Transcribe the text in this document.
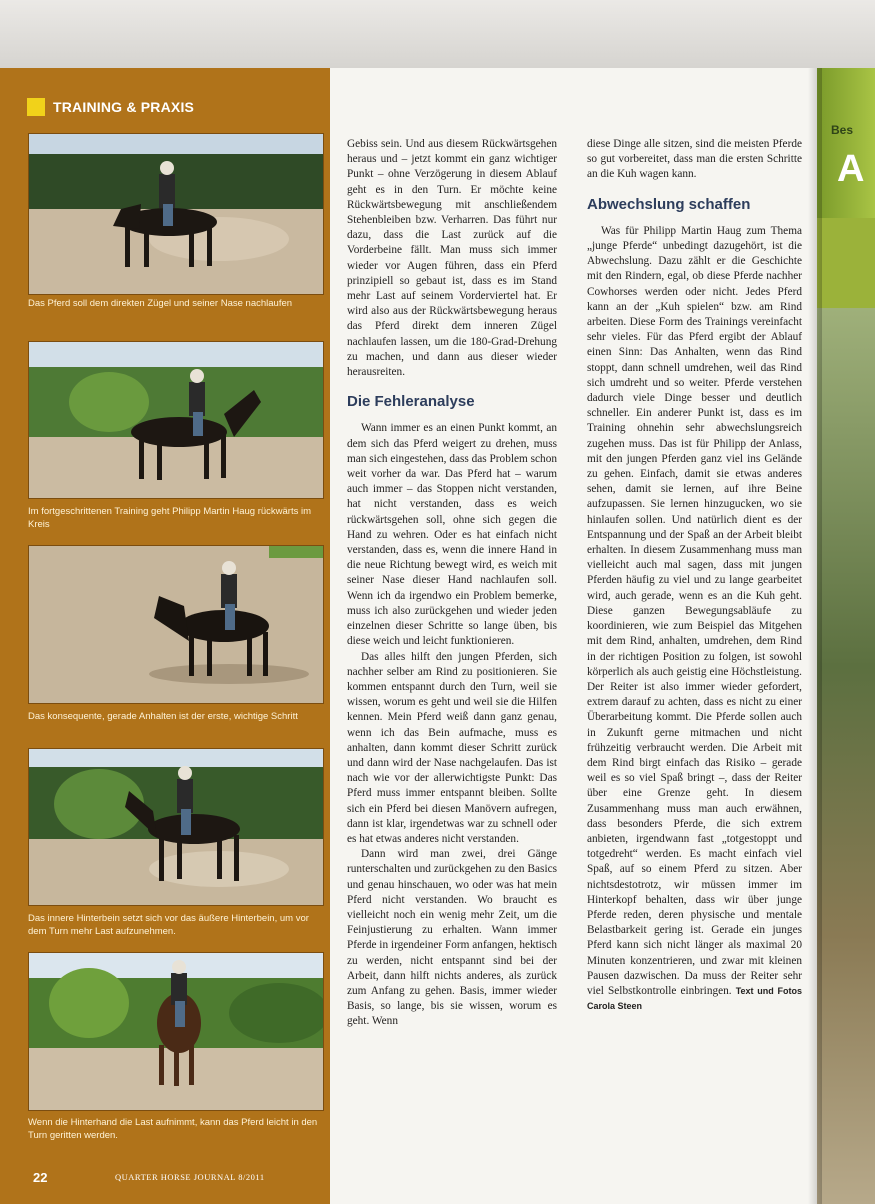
TRAINING & PRAXIS
Das Pferd soll dem direkten Zügel und seiner Nase nachlaufen
Im fortgeschrittenen Training geht Philipp Martin Haug rückwärts im Kreis
Das konsequente, gerade Anhalten ist der erste, wichtige Schritt
Das innere Hinterbein setzt sich vor das äußere Hinterbein, um vor dem Turn mehr Last aufzunehmen.
Wenn die Hinterhand die Last aufnimmt, kann das Pferd leicht in den Turn geritten werden.
22	QUARTER HORSE JOURNAL 8/2011

Gebiss sein. Und aus diesem Rückwärtsgehen heraus und – jetzt kommt ein ganz wichtiger Punkt – ohne Verzögerung in diesem Ablauf geht es in den Turn. Er möchte keine Rückwärtsbewegung mit anschließendem Stehenbleiben bzw. Verharren. Das führt nur dazu, dass die Last zurück auf die Vorderbeine fällt. Man muss sich immer wieder vor Augen führen, dass ein Pferd prinzipiell so gebaut ist, dass es im Stand mehr Last auf seinem Vorderviertel hat. Er wird also aus der Rückwärtsbewegung heraus das Pferd direkt dem inneren Zügel nachlaufen lassen, um die 180-Grad-Drehung zu machen, und dann aus dieser wieder herausreiten.

Die Fehleranalyse

Wann immer es an einen Punkt kommt, an dem sich das Pferd weigert zu drehen, muss man sich eingestehen, dass das Problem schon weit vorher da war. Das Pferd hat – warum auch immer – das Stoppen nicht verstanden, hat nicht verstanden, dass es weich rückwärtsgehen soll, ohne sich gegen die Hand zu wehren. Oder es hat einfach nicht verstanden, dass es, wenn die innere Hand in die neue Richtung bewegt wird, es weich mit seiner Nase dieser Hand nachlaufen soll. Wenn ich da irgendwo ein Problem bemerke, muss ich also zurückgehen und wieder jeden einzelnen dieser Schritte so lange üben, bis diese weich und leicht funktionieren.

Das alles hilft den jungen Pferden, sich nachher selber am Rind zu positionieren. Sie kommen entspannt durch den Turn, weil sie wissen, worum es geht und weil sie die Hilfen kennen. Mein Pferd weiß dann ganz genau, wenn ich das Bein aufmache, muss es anhalten, dann kommt dieser Schritt zurück und dann wird der Nase nachgelaufen. Das ist nach wie vor der allerwichtigste Punkt: Das Pferd muss immer entspannt bleiben. Sollte sich ein Pferd bei diesen Manövern aufregen, dann ist klar, irgendetwas war zu schnell oder es hat etwas anderes nicht verstanden.

Dann wird man zwei, drei Gänge runterschalten und zurückgehen zu den Basics und genau hinschauen, wo oder was hat mein Pferd nicht verstanden. Wo braucht es vielleicht noch ein wenig mehr Zeit, um die Feinjustierung zu erhalten. Wann immer Pferde in irgendeiner Form anfangen, hektisch zu werden, nicht entspannt sind bei der Arbeit, dann hilft nichts anderes, als zurück zum Anfang zu gehen. Basis, immer wieder Basis, so lange, bis sie wissen, worum es geht. Wenn

diese Dinge alle sitzen, sind die meisten Pferde so gut vorbereitet, dass man die ersten Schritte an die Kuh wagen kann.

Abwechslung schaffen

Was für Philipp Martin Haug zum Thema „junge Pferde“ unbedingt dazugehört, ist die Abwechslung. Dazu zählt er die Geschichte mit den Rindern, egal, ob diese Pferde nachher Cowhorses werden oder nicht. Jedes Pferd kann an der „Kuh spielen“ bzw. am Rind arbeiten. Diese Form des Trainings vereinfacht sehr vieles. Für das Pferd ergibt der Ablauf einen Sinn: Das Anhalten, wenn das Rind stoppt, dann schnell umdrehen, weil das Rind sich umdreht und so weiter. Pferde verstehen dadurch viele Dinge besser und deutlich schneller. Ein anderer Punkt ist, dass es im Training ohnehin sehr abwechslungsreich zugehen muss. Das ist für Philipp der Anlass, mit den jungen Pferden ganz viel ins Gelände zu gehen. Einfach, damit sie etwas anderes sehen, damit sie lernen, auf ihre Beine aufzupassen. Sie lernen hinzugucken, wo sie hinlaufen sollen. Und natürlich dient es der Entspannung und der Spaß an der Arbeit bleibt erhalten. In diesem Zusammenhang muss man vielleicht auch mal sagen, dass mit jungen Pferden häufig zu viel und zu lange gearbeitet wird, auch gerade, wenn es an die Kuh geht. Diese ganzen Bewegungsabläufe zu koordinieren, wie zum Beispiel das Mitgehen mit dem Rind, anhalten, umdrehen, dem Rind in der richtigen Position zu folgen, ist sowohl körperlich als auch geistig eine Höchstleistung. Der Reiter ist also immer wieder gefordert, extrem darauf zu achten, dass es nicht zu einer Überarbeitung kommt. Die Pferde sollen auch in Zukunft gerne mitmachen und nicht frühzeitig verbraucht werden. Die Arbeit mit dem Rind birgt einfach das Risiko – gerade weil es so viel Spaß bringt –, dass der Reiter über eine Grenze geht. In diesem Zusammenhang muss man auch erwähnen, dass besonders Pferde, die sich extrem anbieten, irgendwann fast „totgestoppt und totgedreht“ werden. Es macht einfach viel Spaß, auf so einem Pferd zu sitzen. Aber nichtsdestotrotz, wir müssen immer im Hinterkopf behalten, dass wir über junge Pferde reden, deren physische und mentale Belastbarkeit gering ist. Gerade ein junges Pferd kann sich nicht länger als maximal 20 Minuten konzentrieren, und zwar mit kleinen Pausen dazwischen. Da muss der Reiter sehr viel Selbstkontrolle einbringen. Text und Fotos Carola Steen

Bes
A
